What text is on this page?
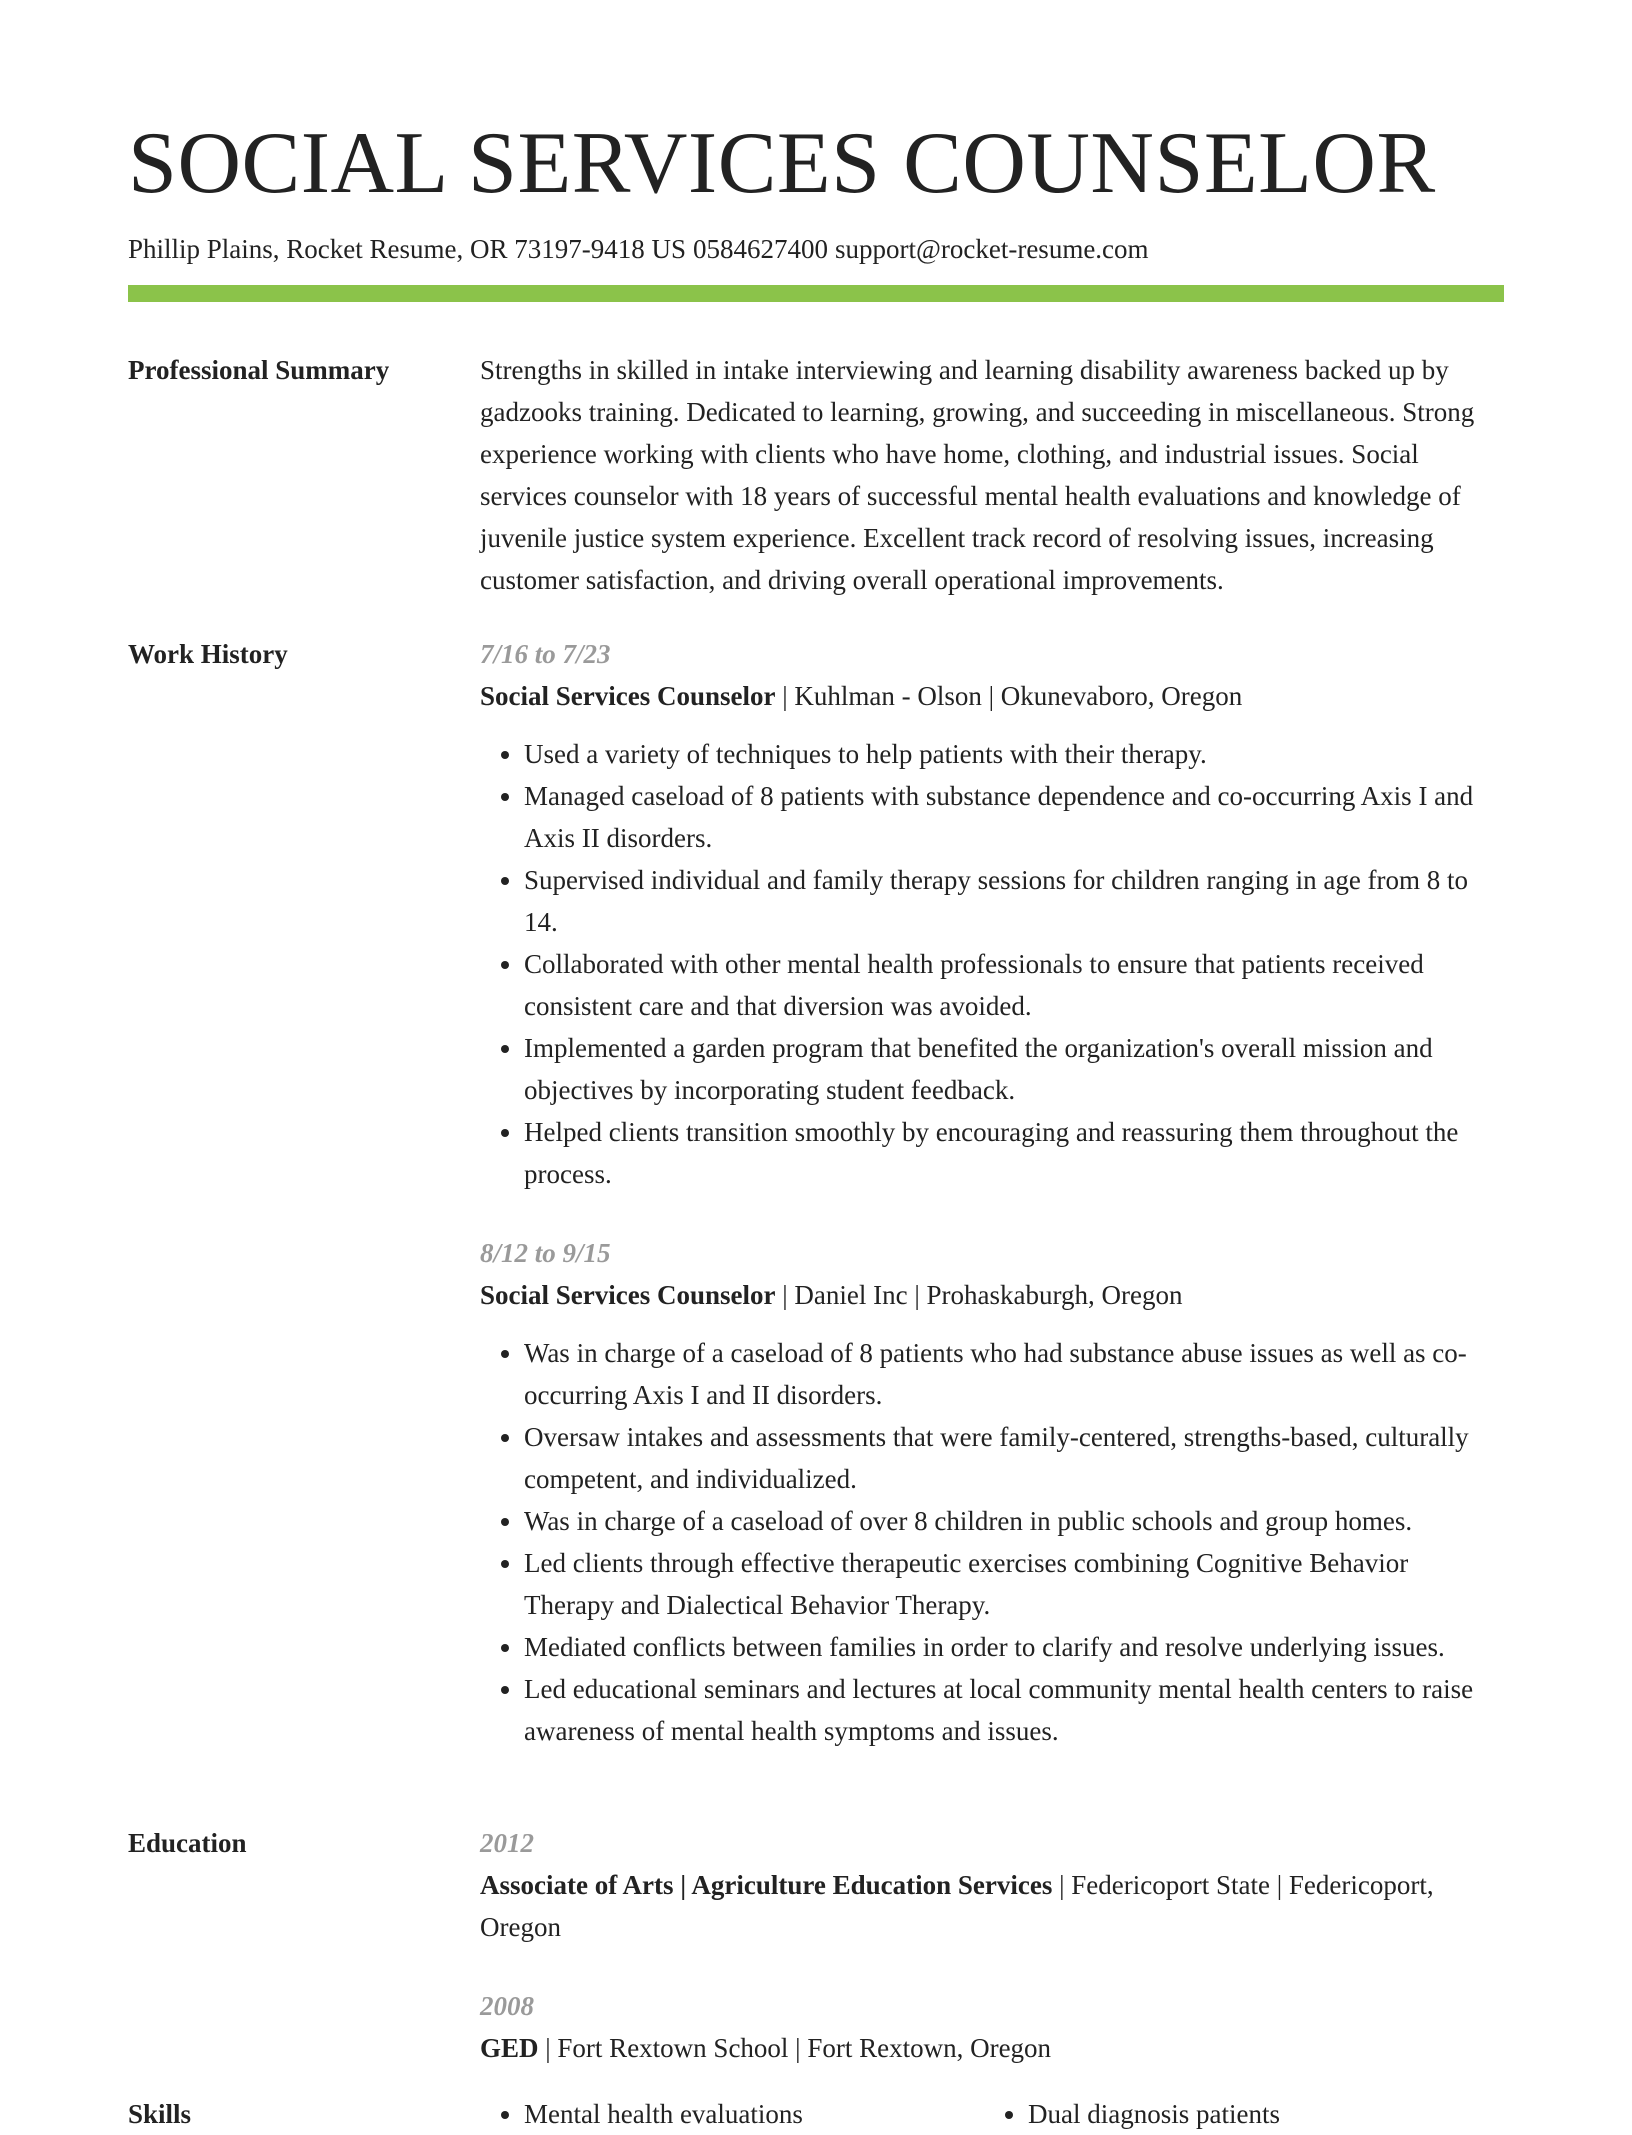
SOCIAL SERVICES COUNSELOR
Phillip Plains, Rocket Resume, OR 73197-9418 US 0584627400 support@rocket-resume.com
Professional Summary	Strengths in skilled in intake interviewing and learning disability awareness backed up by gadzooks training. Dedicated to learning, growing, and succeeding in miscellaneous. Strong experience working with clients who have home, clothing, and industrial issues. Social services counselor with 18 years of successful mental health evaluations and knowledge of juvenile justice system experience. Excellent track record of resolving issues, increasing customer satisfaction, and driving overall operational improvements.

Work History	7/16 to 7/23
Social Services Counselor | Kuhlman - Olson | Okunevaboro, Oregon
• Used a variety of techniques to help patients with their therapy.
• Managed caseload of 8 patients with substance dependence and co-occurring Axis I and Axis II disorders.
• Supervised individual and family therapy sessions for children ranging in age from 8 to 14.
• Collaborated with other mental health professionals to ensure that patients received consistent care and that diversion was avoided.
• Implemented a garden program that benefited the organization's overall mission and objectives by incorporating student feedback.
• Helped clients transition smoothly by encouraging and reassuring them throughout the process.
8/12 to 9/15
Social Services Counselor | Daniel Inc | Prohaskaburgh, Oregon
• Was in charge of a caseload of 8 patients who had substance abuse issues as well as co-occurring Axis I and II disorders.
• Oversaw intakes and assessments that were family-centered, strengths-based, culturally competent, and individualized.
• Was in charge of a caseload of over 8 children in public schools and group homes.
• Led clients through effective therapeutic exercises combining Cognitive Behavior Therapy and Dialectical Behavior Therapy.
• Mediated conflicts between families in order to clarify and resolve underlying issues.
• Led educational seminars and lectures at local community mental health centers to raise awareness of mental health symptoms and issues.
Education	2012
Associate of Arts | Agriculture Education Services | Federicoport State | Federicoport, Oregon
2008
GED | Fort Rextown School | Fort Rextown, Oregon
Skills	• Mental health evaluations	• Dual diagnosis patients
